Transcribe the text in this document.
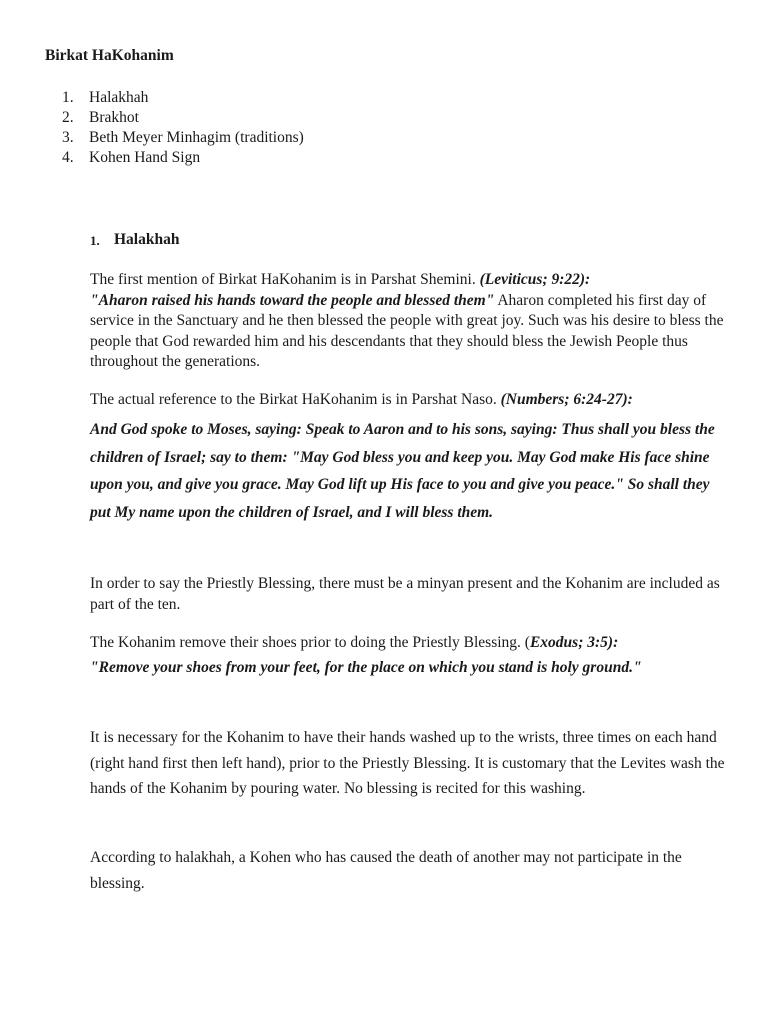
Birkat HaKohanim
1. Halakhah
2. Brakhot
3. Beth Meyer Minhagim (traditions)
4. Kohen Hand Sign
1. Halakhah

The first mention of Birkat HaKohanim is in Parshat Shemini. (Leviticus; 9:22):
"Aharon raised his hands toward the people and blessed them" Aharon completed his first day of service in the Sanctuary and he then blessed the people with great joy. Such was his desire to bless the people that God rewarded him and his descendants that they should bless the Jewish People thus throughout the generations.

The actual reference to the Birkat HaKohanim is in Parshat Naso. (Numbers; 6:24-27):

And God spoke to Moses, saying: Speak to Aaron and to his sons, saying: Thus shall you bless the children of Israel; say to them: "May God bless you and keep you. May God make His face shine upon you, and give you grace. May God lift up His face to you and give you peace." So shall they put My name upon the children of Israel, and I will bless them.

In order to say the Priestly Blessing, there must be a minyan present and the Kohanim are included as part of the ten.

The Kohanim remove their shoes prior to doing the Priestly Blessing. (Exodus; 3:5):
"Remove your shoes from your feet, for the place on which you stand is holy ground."

It is necessary for the Kohanim to have their hands washed up to the wrists, three times on each hand (right hand first then left hand), prior to the Priestly Blessing. It is customary that the Levites wash the hands of the Kohanim by pouring water. No blessing is recited for this washing.

According to halakhah, a Kohen who has caused the death of another may not participate in the blessing.
